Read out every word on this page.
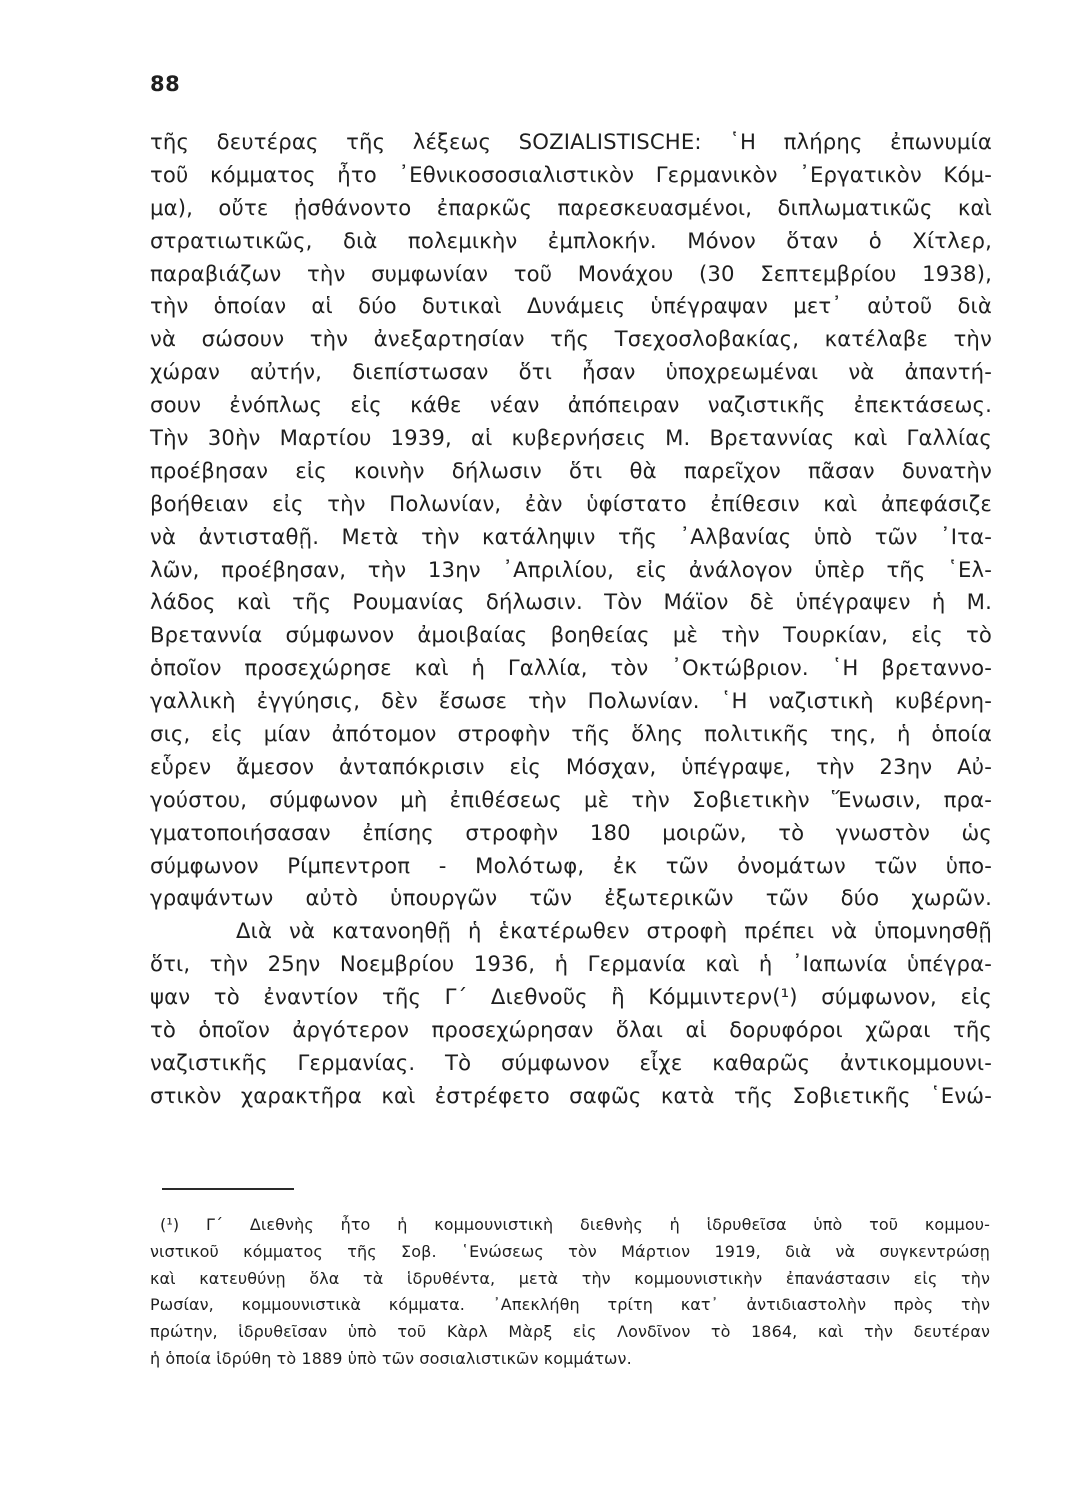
88
τῆς δευτέρας τῆς λέξεως SOZIALISTISCHE: ῾Η πλήρης ἐπωνυμία
τοῦ κόμματος ἦτο ᾿Εθνικοσοσιαλιστικὸν Γερμανικὸν ᾿Εργατικὸν Κόμ-
μα), οὔτε ᾐσθάνοντο ἐπαρκῶς παρεσκευασμένοι, διπλωματικῶς καὶ
στρατιωτικῶς, διὰ πολεμικὴν ἐμπλοκήν. Μόνον ὅταν ὁ Χίτλερ,
παραβιάζων τὴν συμφωνίαν τοῦ Μονάχου (30 Σεπτεμβρίου 1938),
τὴν ὁποίαν αἱ δύο δυτικαὶ Δυνάμεις ὑπέγραψαν μετ᾿ αὐτοῦ διὰ
νὰ σώσουν τὴν ἀνεξαρτησίαν τῆς Τσεχοσλοβακίας, κατέλαβε τὴν
χώραν αὐτήν, διεπίστωσαν ὅτι ἦσαν ὑποχρεωμέναι νὰ ἀπαντή-
σουν ἐνόπλως εἰς κάθε νέαν ἀπόπειραν ναζιστικῆς ἐπεκτάσεως.
Τὴν 30ὴν Μαρτίου 1939, αἱ κυβερνήσεις Μ. Βρεταννίας καὶ Γαλλίας
προέβησαν εἰς κοινὴν δήλωσιν ὅτι θὰ παρεῖχον πᾶσαν δυνατὴν
βοήθειαν εἰς τὴν Πολωνίαν, ἐὰν ὑφίστατο ἐπίθεσιν καὶ ἀπεφάσιζε
νὰ ἀντισταθῇ. Μετὰ τὴν κατάληψιν τῆς ᾿Αλβανίας ὑπὸ τῶν ᾿Ιτα-
λῶν, προέβησαν, τὴν 13ην ᾿Απριλίου, εἰς ἀνάλογον ὑπὲρ τῆς ῾Ελ-
λάδος καὶ τῆς Ρουμανίας δήλωσιν. Τὸν Μάϊον δὲ ὑπέγραψεν ἡ Μ.
Βρεταννία σύμφωνον ἀμοιβαίας βοηθείας μὲ τὴν Τουρκίαν, εἰς τὸ
ὁποῖον προσεχώρησε καὶ ἡ Γαλλία, τὸν ᾿Οκτώβριον. ῾Η βρεταννο-
γαλλικὴ ἐγγύησις, δὲν ἔσωσε τὴν Πολωνίαν. ῾Η ναζιστικὴ κυβέρνη-
σις, εἰς μίαν ἀπότομον στροφὴν τῆς ὅλης πολιτικῆς της, ἡ ὁποία
εὗρεν ἄμεσον ἀνταπόκρισιν εἰς Μόσχαν, ὑπέγραψε, τὴν 23ην Αὐ-
γούστου, σύμφωνον μὴ ἐπιθέσεως μὲ τὴν Σοβιετικὴν Ἕνωσιν, πρα-
γματοποιήσασαν ἐπίσης στροφὴν 180 μοιρῶν, τὸ γνωστὸν ὡς
σύμφωνον Ρίμπεντροπ - Μολότωφ, ἐκ τῶν ὀνομάτων τῶν ὑπο-
γραψάντων αὐτὸ ὑπουργῶν τῶν ἐξωτερικῶν τῶν δύο χωρῶν.
Διὰ νὰ κατανοηθῇ ἡ ἑκατέρωθεν στροφὴ πρέπει νὰ ὑπομνησθῇ
ὅτι, τὴν 25ην Νοεμβρίου 1936, ἡ Γερμανία καὶ ἡ ᾿Ιαπωνία ὑπέγρα-
ψαν τὸ ἐναντίον τῆς Γ΄ Διεθνοῦς ἢ Κόμμιντερν(¹) σύμφωνον, εἰς
τὸ ὁποῖον ἀργότερον προσεχώρησαν ὅλαι αἱ δορυφόροι χῶραι τῆς
ναζιστικῆς Γερμανίας. Τὸ σύμφωνον εἶχε καθαρῶς ἀντικομμουνι-
στικὸν χαρακτῆρα καὶ ἐστρέφετο σαφῶς κατὰ τῆς Σοβιετικῆς ῾Ενώ-
(¹) Γ΄ Διεθνὴς ἦτο ἡ κομμουνιστικὴ διεθνὴς ἡ ἱδρυθεῖσα ὑπὸ τοῦ κομμου-
νιστικοῦ κόμματος τῆς Σοβ. ῾Ενώσεως τὸν Μάρτιον 1919, διὰ νὰ συγκεντρώσῃ
καὶ κατευθύνῃ ὅλα τὰ ἱδρυθέντα, μετὰ τὴν κομμουνιστικὴν ἐπανάστασιν εἰς τὴν
Ρωσίαν, κομμουνιστικὰ κόμματα. ᾿Απεκλήθη τρίτη κατ᾿ ἀντιδιαστολὴν πρὸς τὴν
πρώτην, ἱδρυθεῖσαν ὑπὸ τοῦ Κὰρλ Μὰρξ εἰς Λονδῖνον τὸ 1864, καὶ τὴν δευτέραν
ἡ ὁποία ἱδρύθη τὸ 1889 ὑπὸ τῶν σοσιαλιστικῶν κομμάτων.
